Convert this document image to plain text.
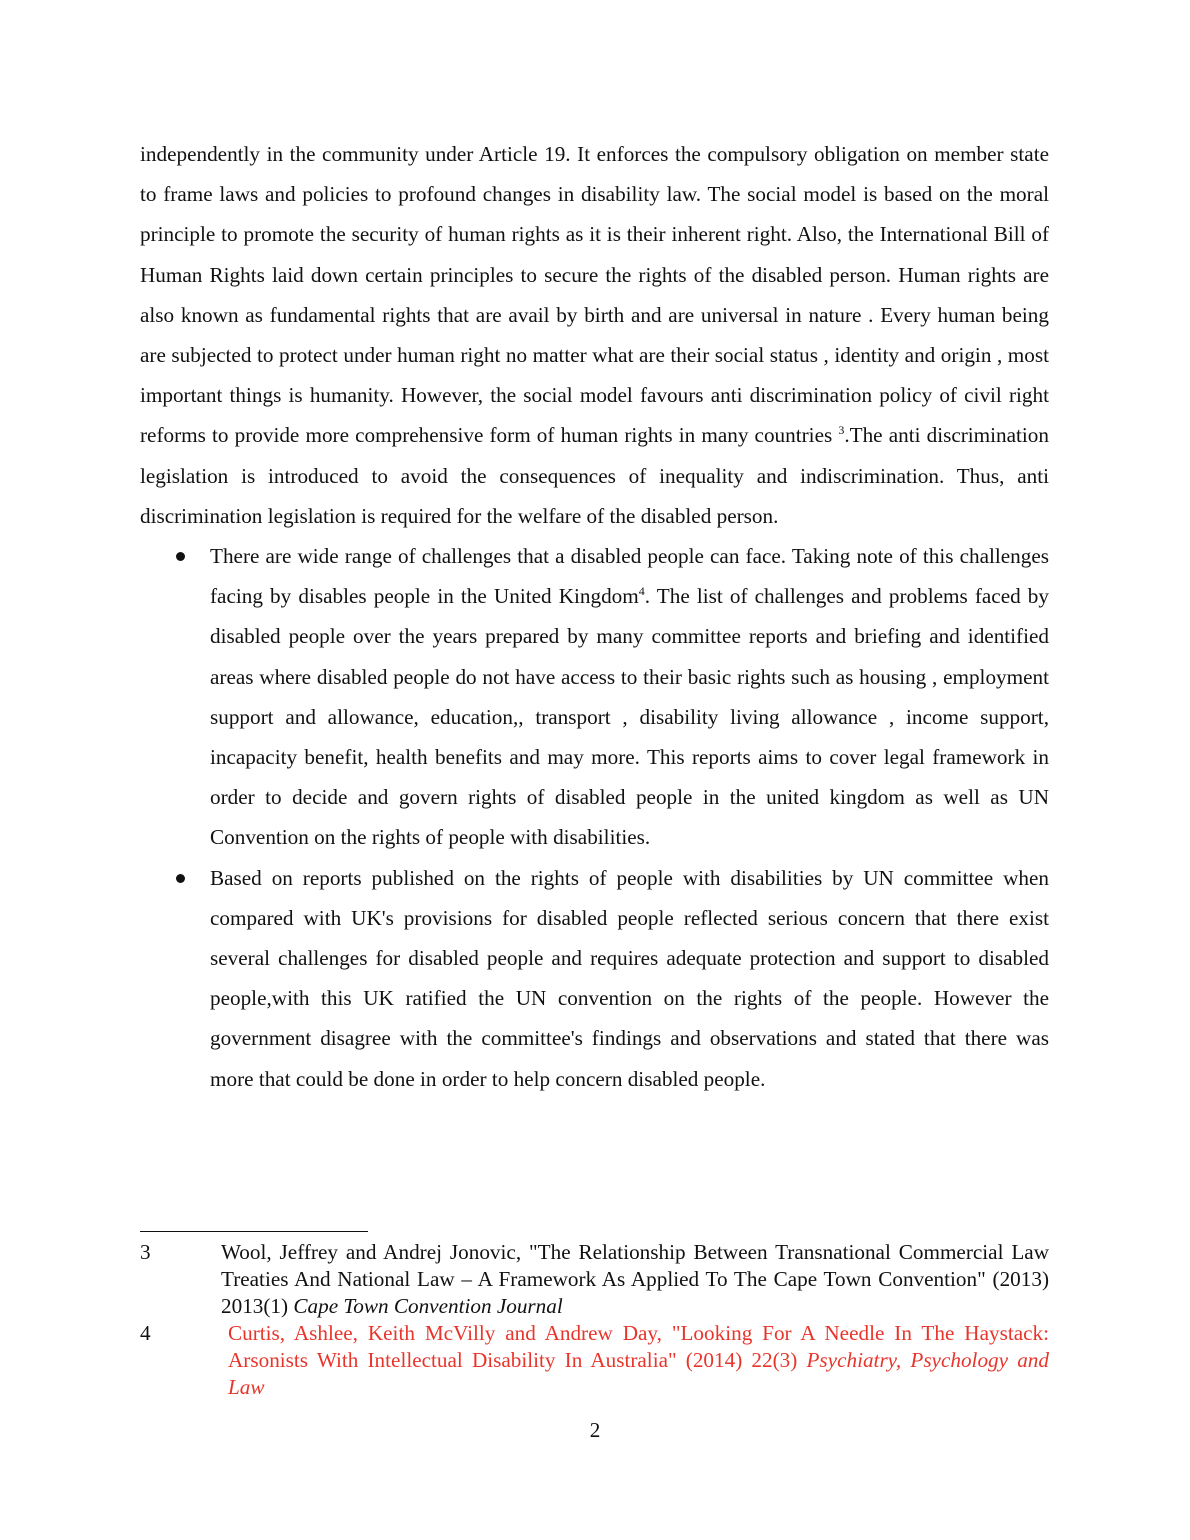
independently in the community under Article 19. It enforces the compulsory obligation on member state to frame laws and policies to profound changes in disability law. The social model is based on the moral principle to promote the security of human rights as it is their inherent right. Also, the International Bill of Human Rights laid down certain principles to secure the rights of the disabled person. Human rights are also known as fundamental rights that are avail by birth and are universal in nature . Every human being are subjected to protect under human right no matter what are their social status , identity and origin , most important things is humanity. However, the social model favours anti discrimination policy of civil right reforms to provide more comprehensive form of human rights in many countries $^3$.The anti discrimination legislation is introduced to avoid the consequences of inequality and indiscrimination. Thus, anti discrimination legislation is required for the welfare of the disabled person.

There are wide range of challenges that a disabled people can face. Taking note of this challenges facing by disables people in the United Kingdom$^4$. The list of challenges and problems faced by disabled people over the years prepared by many committee reports and briefing and identified areas where disabled people do not have access to their basic rights such as housing , employment support and allowance, education,, transport , disability living allowance , income support, incapacity benefit, health benefits and may more. This reports aims to cover legal framework in order to decide and govern rights of disabled people in the united kingdom as well as UN Convention on the rights of people with disabilities.
Based on reports published on the rights of people with disabilities by UN committee when compared with UK's provisions for disabled people reflected serious concern that there exist several challenges for disabled people and requires adequate protection and support to disabled people,with this UK ratified the UN convention on the rights of the people. However the government disagree with the committee's findings and observations and stated that there was more that could be done in order to help concern disabled people.
3	Wool, Jeffrey and Andrej Jonovic, "The Relationship Between Transnational Commercial Law Treaties And National Law – A Framework As Applied To The Cape Town Convention" (2013) 2013(1) Cape Town Convention Journal
4	Curtis, Ashlee, Keith McVilly and Andrew Day, "Looking For A Needle In The Haystack: Arsonists With Intellectual Disability In Australia" (2014) 22(3) Psychiatry, Psychology and Law
2
